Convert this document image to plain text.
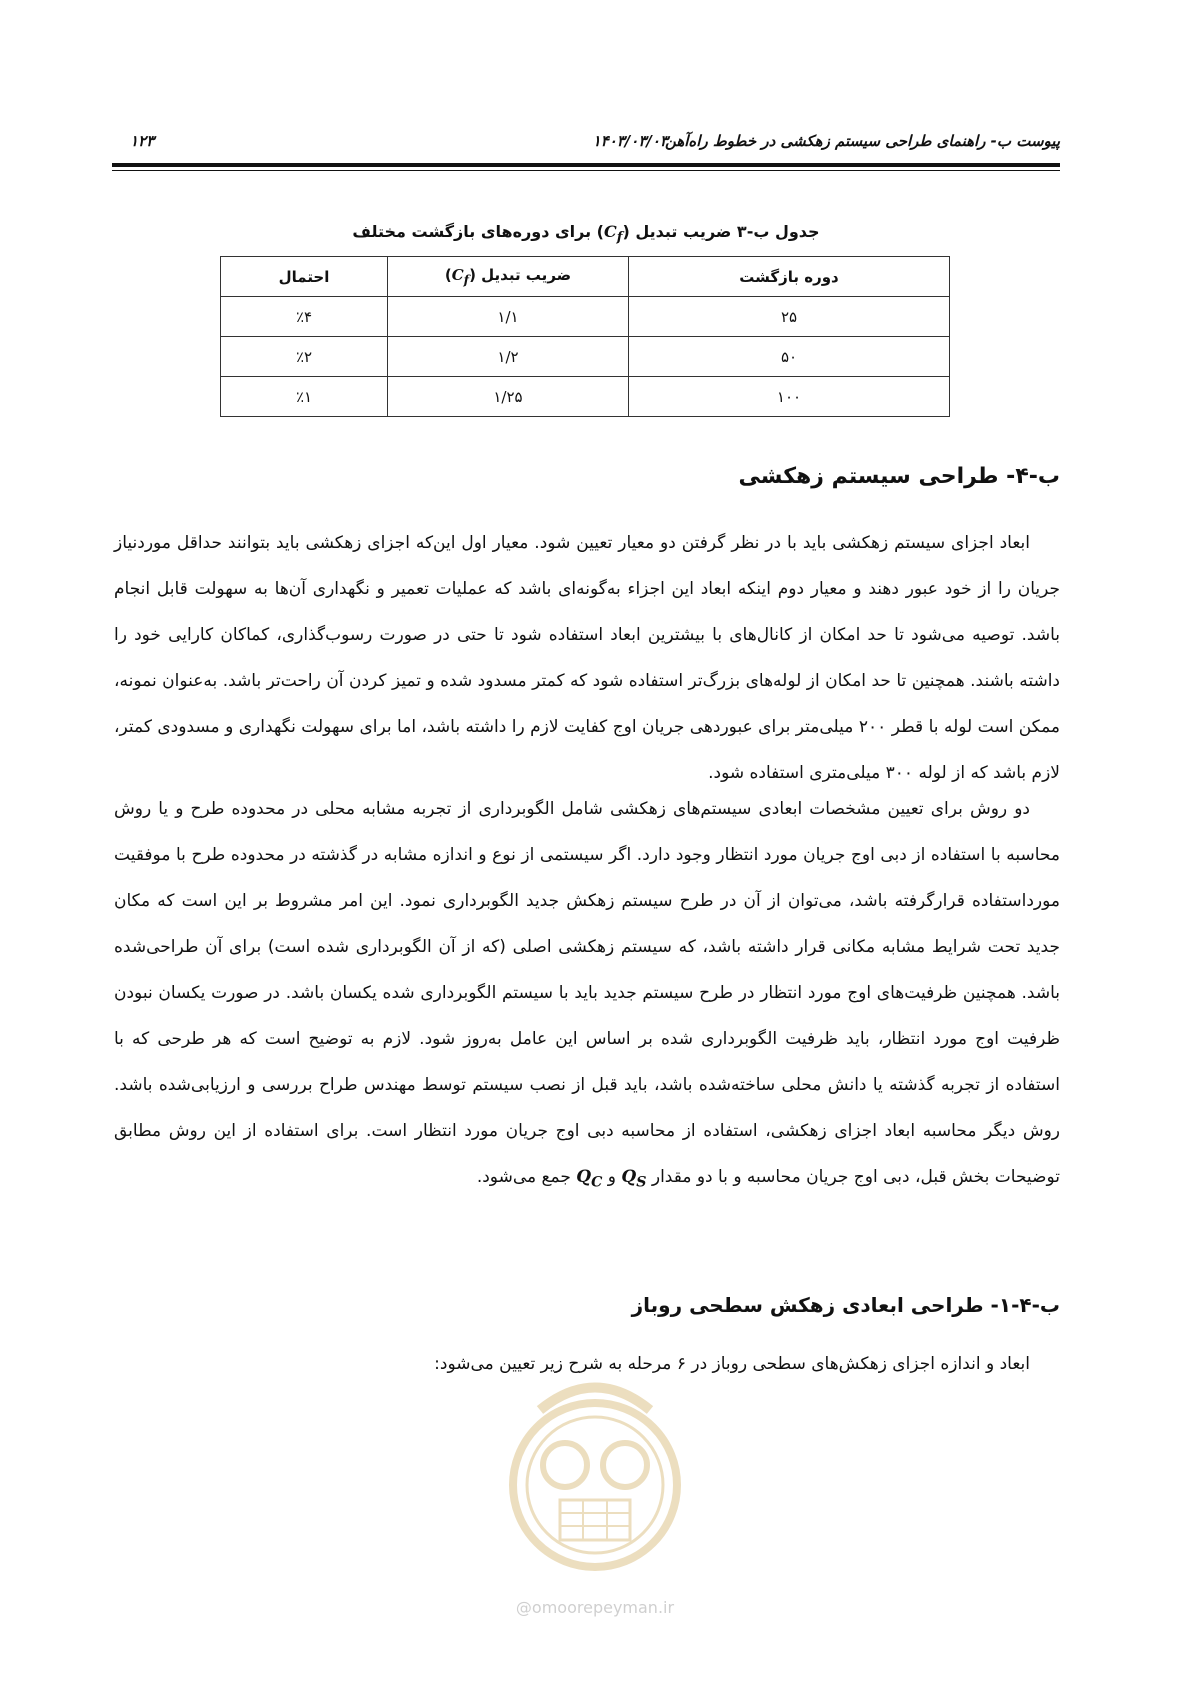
پیوست ب- راهنمای طراحی سیستم زهکشی در خطوط راه‌آهن
۱۴۰۳/۰۳/۰۳
۱۲۳
جدول ب-۳ ضریب تبدیل $(C_f)$ برای دوره‌های بازگشت مختلف
دوره بازگشت	ضریب تبدیل $(C_f)$	احتمال
۲۵	۱/۱	٪۴
۵۰	۱/۲	٪۲
۱۰۰	۱/۲۵	٪۱
ب-۴- طراحی سیستم زهکشی

ابعاد اجزای سیستم زهکشی باید با در نظر گرفتن دو معیار تعیین شود. معیار اول این‌که اجزای زهکشی باید بتوانند حداقل موردنیاز جریان را از خود عبور دهند و معیار دوم اینکه ابعاد این اجزاء به‌گونه‌ای باشد که عملیات تعمیر و نگهداری آن‌ها به سهولت قابل انجام باشد. توصیه می‌شود تا حد امکان از کانال‌های با بیشترین ابعاد استفاده شود تا حتی در صورت رسوب‌گذاری، کماکان کارایی خود را داشته باشند. همچنین تا حد امکان از لوله‌های بزرگ‌تر استفاده شود که کمتر مسدود شده و تمیز کردن آن راحت‌تر باشد. به‌عنوان نمونه، ممکن است لوله با قطر ۲۰۰ میلی‌متر برای عبوردهی جریان اوج کفایت لازم را داشته باشد، اما برای سهولت نگهداری و مسدودی کمتر، لازم باشد که از لوله ۳۰۰ میلی‌متری استفاده شود.

دو روش برای تعیین مشخصات ابعادی سیستم‌های زهکشی شامل الگوبرداری از تجربه مشابه محلی در محدوده طرح و یا روش محاسبه با استفاده از دبی اوج جریان مورد انتظار وجود دارد. اگر سیستمی از نوع و اندازه مشابه در گذشته در محدوده طرح با موفقیت مورداستفاده قرارگرفته باشد، می‌توان از آن در طرح سیستم زهکش جدید الگوبرداری نمود. این امر مشروط بر این است که مکان جدید تحت شرایط مشابه مکانی قرار داشته باشد، که سیستم زهکشی اصلی (که از آن الگوبرداری شده است) برای آن طراحی‌شده باشد. همچنین ظرفیت‌های اوج مورد انتظار در طرح سیستم جدید باید با سیستم الگوبرداری شده یکسان باشد. در صورت یکسان نبودن ظرفیت اوج مورد انتظار، باید ظرفیت الگوبرداری شده بر اساس این عامل به‌روز شود. لازم به توضیح است که هر طرحی که با استفاده از تجربه گذشته یا دانش محلی ساخته‌شده باشد، باید قبل از نصب سیستم توسط مهندس طراح بررسی و ارزیابی‌شده باشد. روش دیگر محاسبه ابعاد اجزای زهکشی، استفاده از محاسبه دبی اوج جریان مورد انتظار است. برای استفاده از این روش مطابق توضیحات بخش قبل، دبی اوج جریان محاسبه و با دو مقدار $Q_S$ و $Q_C$ جمع می‌شود.

ب-۴-۱- طراحی ابعادی زهکش سطحی روباز

ابعاد و اندازه اجزای زهکش‌های سطحی روباز در ۶ مرحله به شرح زیر تعیین می‌شود:

@omoorepeyman.ir
